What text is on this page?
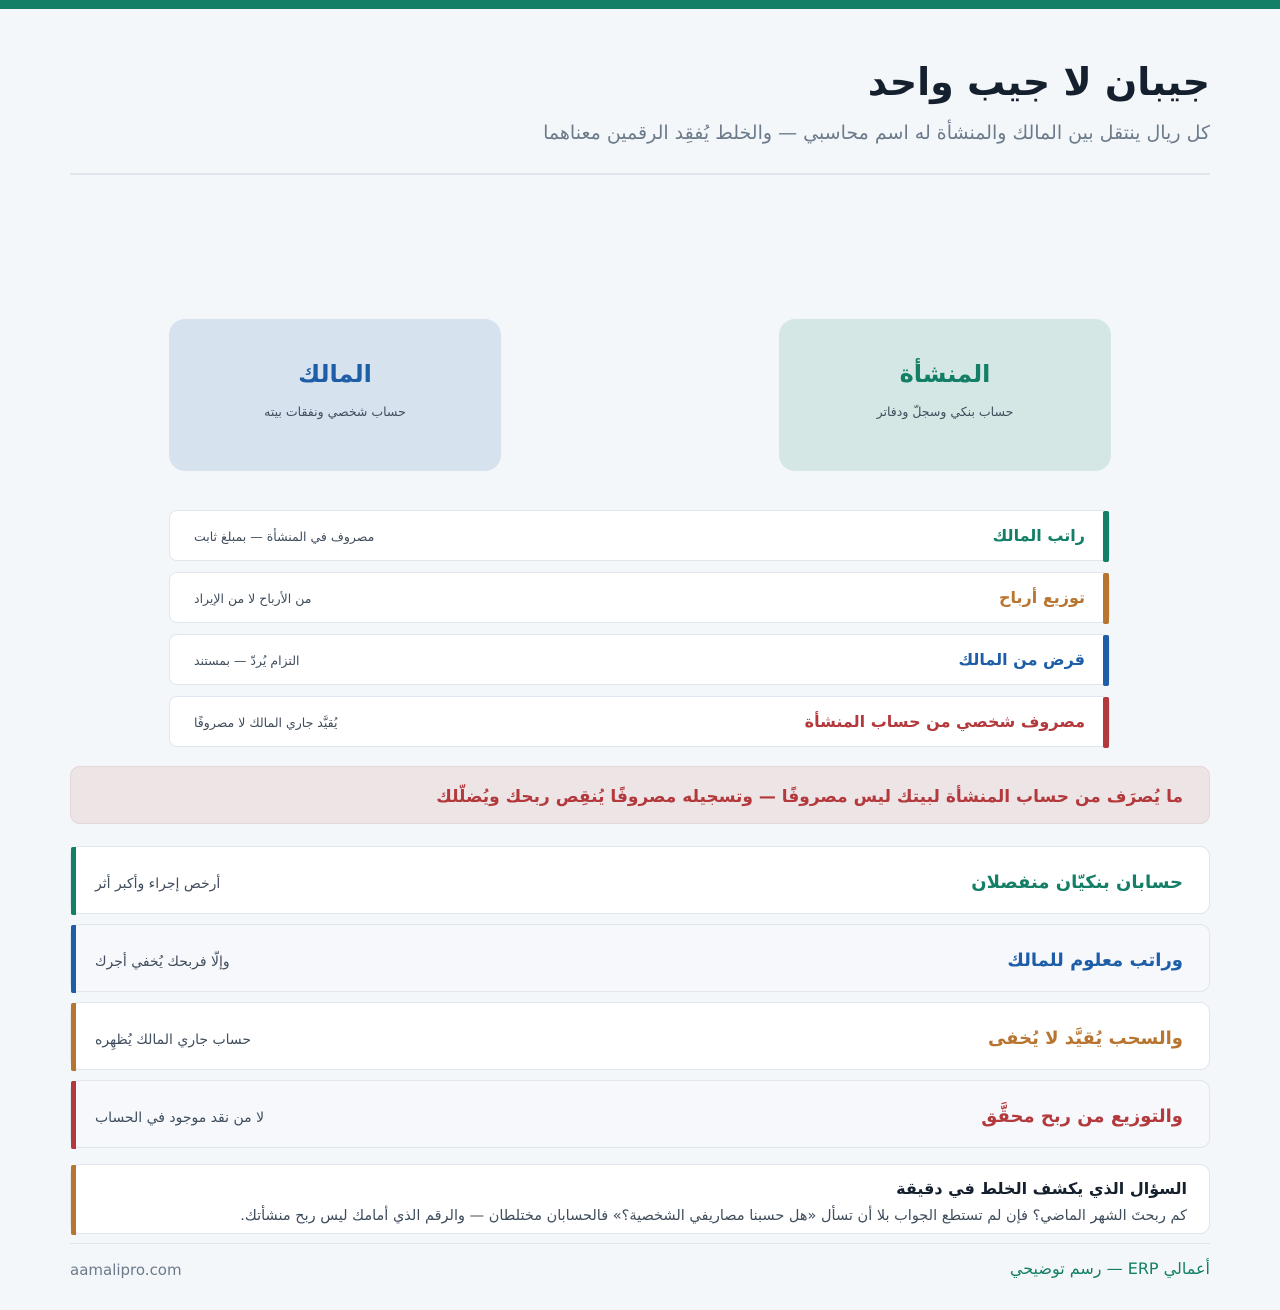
جيبان لا جيب واحد
كل ريال ينتقل بين المالك والمنشأة له اسم محاسبي — والخلط يُفقِد الرقمين معناهما
المنشأة
حساب بنكي وسجلّ ودفاتر
المالك
حساب شخصي ونفقات بيته
راتب المالك
مصروف في المنشأة — بمبلغ ثابت
توزيع أرباح
من الأرباح لا من الإيراد
قرض من المالك
التزام يُردّ — بمستند
مصروف شخصي من حساب المنشأة
يُقيَّد جاري المالك لا مصروفًا
ما يُصرَف من حساب المنشأة لبيتك ليس مصروفًا — وتسجيله مصروفًا يُنقِص ربحك ويُضلّلك
حسابان بنكيّان منفصلان
أرخص إجراء وأكبر أثر
وراتب معلوم للمالك
وإلّا فربحك يُخفي أجرك
والسحب يُقيَّد لا يُخفى
حساب جاري المالك يُظهِره
والتوزيع من ربح محقَّق
لا من نقد موجود في الحساب
السؤال الذي يكشف الخلط في دقيقة
كم ربحتَ الشهر الماضي؟ فإن لم تستطع الجواب بلا أن تسأل «هل حسبنا مصاريفي الشخصية؟» فالحسابان مختلطان — والرقم الذي أمامك ليس ربح منشأتك.
aamalipro.com	أعمالي ERP — رسم توضيحي
